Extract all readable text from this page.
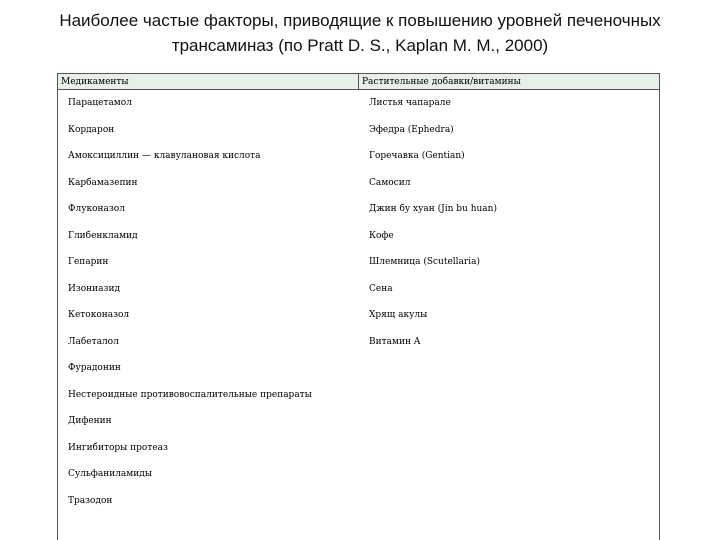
Наиболее частые факторы, приводящие к повышению уровней печеночных
трансаминаз (по Pratt D. S., Kaplan M. M., 2000)
Медикаменты	Растительные добавки/витамины
Парацетамол
Кордарон
Амоксициллин — клавулановая кислота
Карбамазепин
Флуконазол
Глибенкламид
Гепарин
Изониазид
Кетоконазол
Лабеталол
Фурадонин
Нестероидные противовоспалительные препараты
Дифенин
Ингибиторы протеаз
Сульфаниламиды
Тразодон
Листья чапарале
Эфедра (Ephedra)
Горечавка (Gentian)
Самосил
Джин бу хуан (Jin bu huan)
Кофе
Шлемница (Scutellaria)
Сена
Хрящ акулы
Витамин A
